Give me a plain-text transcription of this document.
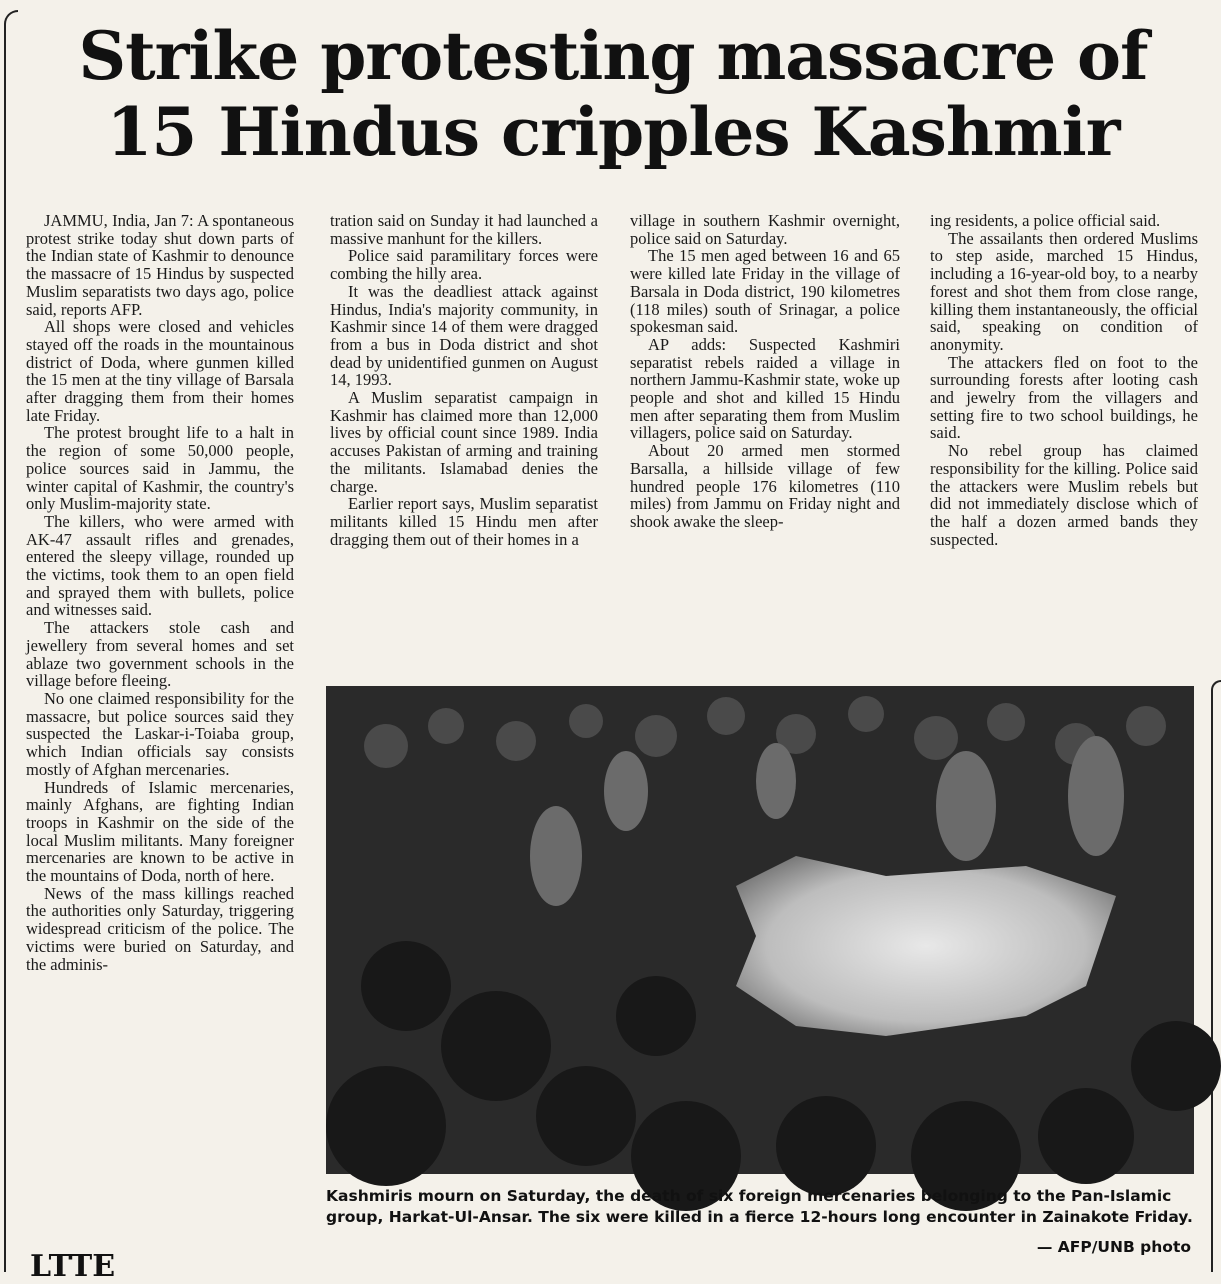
Strike protesting massacre of 15 Hindus cripples Kashmir

JAMMU, India, Jan 7: A spontaneous protest strike today shut down parts of the Indian state of Kashmir to denounce the massacre of 15 Hindus by suspected Muslim separatists two days ago, police said, reports AFP.

All shops were closed and vehicles stayed off the roads in the mountainous district of Doda, where gunmen killed the 15 men at the tiny village of Barsala after dragging them from their homes late Friday.

The protest brought life to a halt in the region of some 50,000 people, police sources said in Jammu, the winter capital of Kashmir, the country's only Muslim-majority state.

The killers, who were armed with AK-47 assault rifles and grenades, entered the sleepy village, rounded up the victims, took them to an open field and sprayed them with bullets, police and witnesses said.

The attackers stole cash and jewellery from several homes and set ablaze two government schools in the village before fleeing.

No one claimed responsibility for the massacre, but police sources said they suspected the Laskar-i-Toiaba group, which Indian officials say consists mostly of Afghan mercenaries.

Hundreds of Islamic mercenaries, mainly Afghans, are fighting Indian troops in Kashmir on the side of the local Muslim militants. Many foreigner mercenaries are known to be active in the mountains of Doda, north of here.

News of the mass killings reached the authorities only Saturday, triggering widespread criticism of the police. The victims were buried on Saturday, and the adminis-

tration said on Sunday it had launched a massive manhunt for the killers.

Police said paramilitary forces were combing the hilly area.

It was the deadliest attack against Hindus, India's majority community, in Kashmir since 14 of them were dragged from a bus in Doda district and shot dead by unidentified gunmen on August 14, 1993.

A Muslim separatist campaign in Kashmir has claimed more than 12,000 lives by official count since 1989. India accuses Pakistan of arming and training the militants. Islamabad denies the charge.

Earlier report says, Muslim separatist militants killed 15 Hindu men after dragging them out of their homes in a

village in southern Kashmir overnight, police said on Saturday.

The 15 men aged between 16 and 65 were killed late Friday in the village of Barsala in Doda district, 190 kilometres (118 miles) south of Srinagar, a police spokesman said.

AP adds: Suspected Kashmiri separatist rebels raided a village in northern Jammu-Kashmir state, woke up people and shot and killed 15 Hindu men after separating them from Muslim villagers, police said on Saturday.

About 20 armed men stormed Barsalla, a hillside village of few hundred people 176 kilometres (110 miles) from Jammu on Friday night and shook awake the sleep-

ing residents, a police official said.

The assailants then ordered Muslims to step aside, marched 15 Hindus, including a 16-year-old boy, to a nearby forest and shot them from close range, killing them instantaneously, the official said, speaking on condition of anonymity.

The attackers fled on foot to the surrounding forests after looting cash and jewelry from the villagers and setting fire to two school buildings, he said.

No rebel group has claimed responsibility for the killing. Police said the attackers were Muslim rebels but did not immediately disclose which of the half a dozen armed bands they suspected.

Kashmiris mourn on Saturday, the death of six foreign mercenaries belonging to the Pan-Islamic group, Harkat-Ul-Ansar. The six were killed in a fierce 12-hours long encounter in Zainakote Friday.

— AFP/UNB photo
LTTE
